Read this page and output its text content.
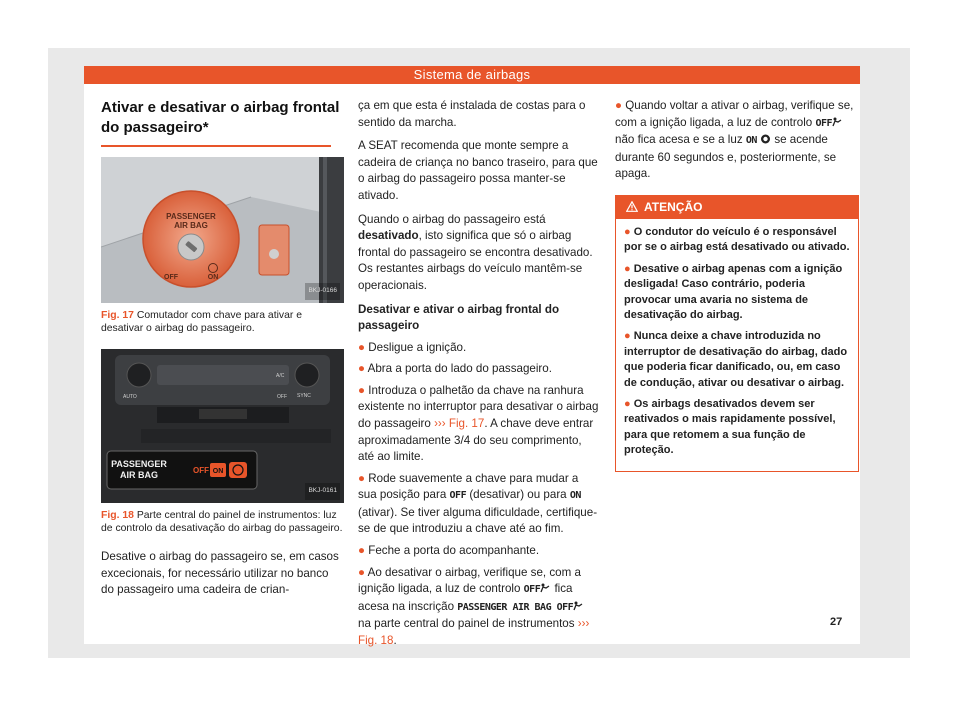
Sistema de airbags
Ativar e desativar o airbag frontal
do passageiro*
PASSENGER
AIR BAG
OFF	ON
BKJ-0166
Fig. 17 Comutador com chave para ativar e desativar o airbag do passageiro.
A/C
SYNC
AUTO	OFF
PASSENGER
AIR BAG	OFF ON
BKJ-0161
Fig. 18 Parte central do painel de instrumentos: luz de controlo da desativação do airbag do passageiro.

Desative o airbag do passageiro se, em casos excecionais, for necessário utilizar no banco do passageiro uma cadeira de crian-

ça em que esta é instalada de costas para o sentido da marcha.

A SEAT recomenda que monte sempre a cadeira de criança no banco traseiro, para que o airbag do passageiro possa manter-se ativado.

Quando o airbag do passageiro está desativado, isto significa que só o airbag frontal do passageiro se encontra desativado. Os restantes airbags do veículo mantêm-se operacionais.

Desativar e ativar o airbag frontal do passageiro
● Desligue a ignição.
● Abra a porta do lado do passageiro.
● Introduza o palhetão da chave na ranhura existente no interruptor para desativar o airbag do passageiro ››› Fig. 17. A chave deve entrar aproximadamente 3/4 do seu comprimento, até ao limite.
● Rode suavemente a chave para mudar a sua posição para OFF (desativar) ou para ON (ativar). Se tiver alguma dificuldade, certifique-se de que introduziu a chave até ao fim.
● Feche a porta do acompanhante.
● Ao desativar o airbag, verifique se, com a ignição ligada, a luz de controlo OFF fica acesa na inscrição PASSENGER AIR BAG OFF na parte central do painel de instrumentos ››› Fig. 18.
● Quando voltar a ativar o airbag, verifique se, com a ignição ligada, a luz de controlo OFF não fica acesa e se a luz ON  se acende durante 60 segundos e, posteriormente, se apaga.
ATENÇÃO
● O condutor do veículo é o responsável por se o airbag está desativado ou ativado.
● Desative o airbag apenas com a ignição desligada! Caso contrário, poderia provocar uma avaria no sistema de desativação do airbag.
● Nunca deixe a chave introduzida no interruptor de desativação do airbag, dado que poderia ficar danificado, ou, em caso de condução, ativar ou desativar o airbag.
● Os airbags desativados devem ser reativados o mais rapidamente possível, para que retomem a sua função de proteção.
27
